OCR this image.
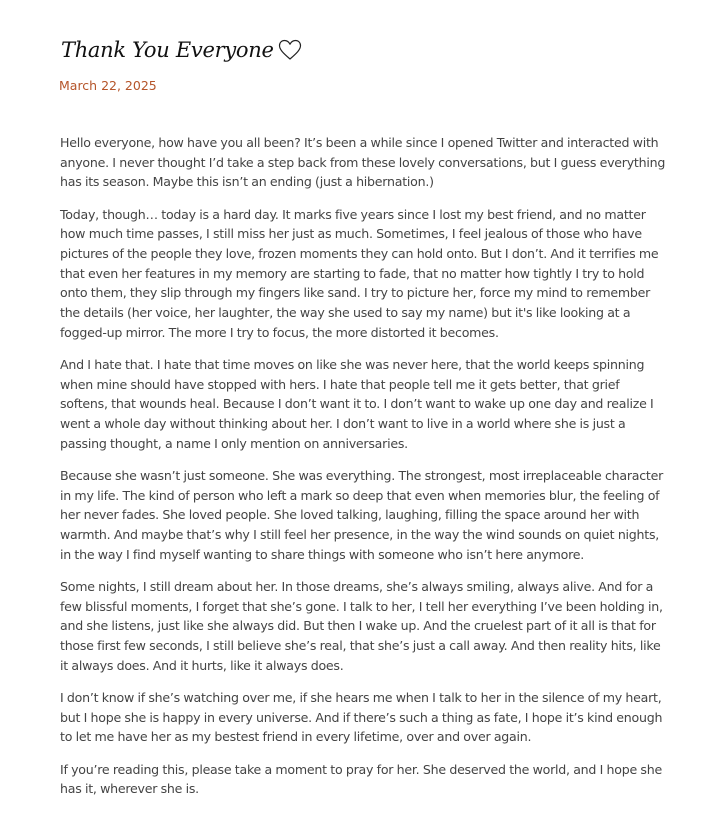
Thank You Everyone
March 22, 2025

Hello everyone, how have you all been? It’s been a while since I opened Twitter and interacted with anyone. I never thought I’d take a step back from these lovely conversations, but I guess everything has its season. Maybe this isn’t an ending (just a hibernation.)

Today, though… today is a hard day. It marks five years since I lost my best friend, and no matter how much time passes, I still miss her just as much. Sometimes, I feel jealous of those who have pictures of the people they love, frozen moments they can hold onto. But I don’t. And it terrifies me that even her features in my memory are starting to fade, that no matter how tightly I try to hold onto them, they slip through my fingers like sand. I try to picture her, force my mind to remember the details (her voice, her laughter, the way she used to say my name) but it's like looking at a fogged-up mirror. The more I try to focus, the more distorted it becomes.

And I hate that. I hate that time moves on like she was never here, that the world keeps spinning when mine should have stopped with hers. I hate that people tell me it gets better, that grief softens, that wounds heal. Because I don’t want it to. I don’t want to wake up one day and realize I went a whole day without thinking about her. I don’t want to live in a world where she is just a passing thought, a name I only mention on anniversaries.

Because she wasn’t just someone. She was everything. The strongest, most irreplaceable character in my life. The kind of person who left a mark so deep that even when memories blur, the feeling of her never fades. She loved people. She loved talking, laughing, filling the space around her with warmth. And maybe that’s why I still feel her presence, in the way the wind sounds on quiet nights, in the way I find myself wanting to share things with someone who isn’t here anymore.

Some nights, I still dream about her. In those dreams, she’s always smiling, always alive. And for a few blissful moments, I forget that she’s gone. I talk to her, I tell her everything I’ve been holding in, and she listens, just like she always did. But then I wake up. And the cruelest part of it all is that for those first few seconds, I still believe she’s real, that she’s just a call away. And then reality hits, like it always does. And it hurts, like it always does.

I don’t know if she’s watching over me, if she hears me when I talk to her in the silence of my heart, but I hope she is happy in every universe. And if there’s such a thing as fate, I hope it’s kind enough to let me have her as my bestest friend in every lifetime, over and over again.

If you’re reading this, please take a moment to pray for her. She deserved the world, and I hope she has it, wherever she is.
